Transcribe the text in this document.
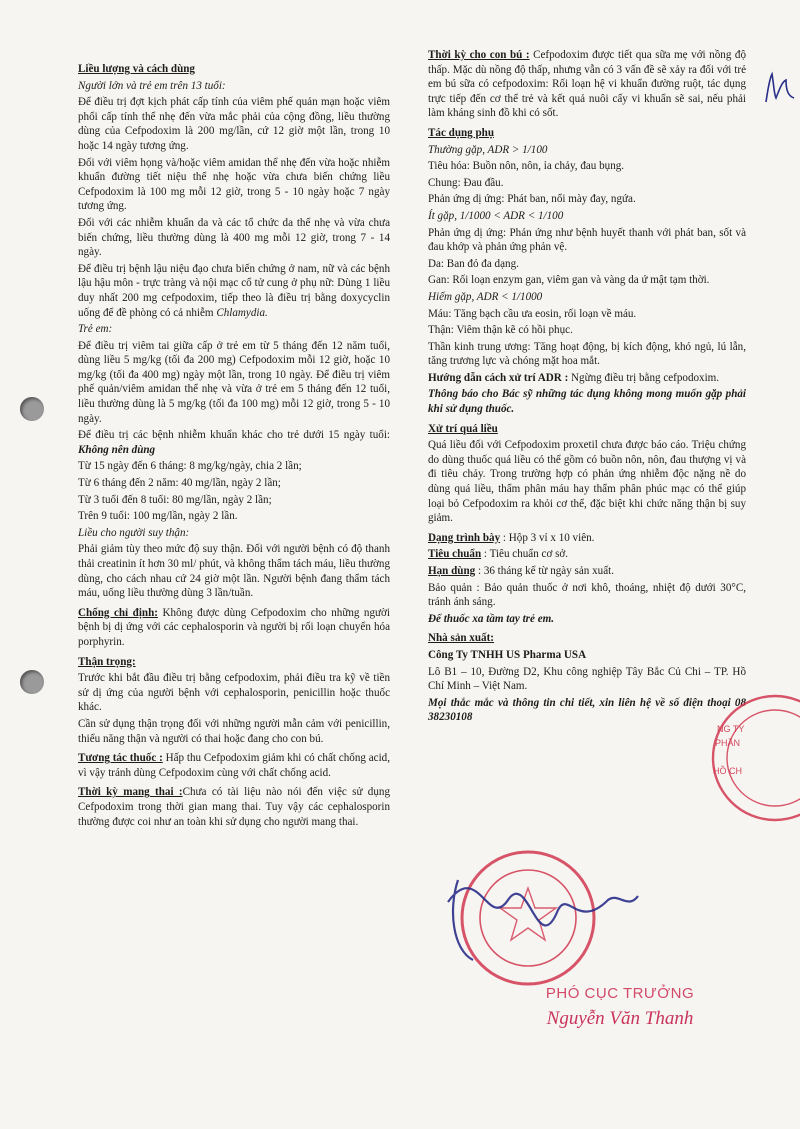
Liều lượng và cách dùng

Người lớn và trẻ em trên 13 tuổi:

Để điều trị đợt kịch phát cấp tính của viêm phế quản mạn hoặc viêm phổi cấp tính thể nhẹ đến vừa mắc phải của cộng đồng, liều thường dùng của Cefpodoxim là 200 mg/lần, cứ 12 giờ một lần, trong 10 hoặc 14 ngày tương ứng.

Đối với viêm họng và/hoặc viêm amidan thể nhẹ đến vừa hoặc nhiễm khuẩn đường tiết niệu thể nhẹ hoặc vừa chưa biến chứng liều Cefpodoxim là 100 mg mỗi 12 giờ, trong 5 - 10 ngày hoặc 7 ngày tương ứng.

Đối với các nhiễm khuẩn da và các tổ chức da thể nhẹ và vừa chưa biến chứng, liều thường dùng là 400 mg mỗi 12 giờ, trong 7 - 14 ngày.

Để điều trị bệnh lậu niệu đạo chưa biến chứng ở nam, nữ và các bệnh lậu hậu môn - trực tràng và nội mạc cổ tử cung ở phụ nữ: Dùng 1 liều duy nhất 200 mg cefpodoxim, tiếp theo là điều trị bằng doxycyclin uống để đề phòng có cả nhiễm Chlamydia.

Trẻ em:

Để điều trị viêm tai giữa cấp ở trẻ em từ 5 tháng đến 12 năm tuổi, dùng liều 5 mg/kg (tối đa 200 mg) Cefpodoxim mỗi 12 giờ, hoặc 10 mg/kg (tối đa 400 mg) ngày một lần, trong 10 ngày. Để điều trị viêm phế quản/viêm amidan thể nhẹ và vừa ở trẻ em 5 tháng đến 12 tuổi, liều thường dùng là 5 mg/kg (tối đa 100 mg) mỗi 12 giờ, trong 5 - 10 ngày.

Để điều trị các bệnh nhiễm khuẩn khác cho trẻ dưới 15 ngày tuổi: Không nên dùng

Từ 15 ngày đến 6 tháng: 8 mg/kg/ngày, chia 2 lần;

Từ 6 tháng đến 2 năm: 40 mg/lần, ngày 2 lần;

Từ 3 tuổi đến 8 tuổi: 80 mg/lần, ngày 2 lần;

Trên 9 tuổi: 100 mg/lần, ngày 2 lần.

Liều cho người suy thận:

Phải giảm tùy theo mức độ suy thận. Đối với người bệnh có độ thanh thải creatinin ít hơn 30 ml/ phút, và không thẩm tách máu, liều thường dùng, cho cách nhau cứ 24 giờ một lần. Người bệnh đang thẩm tách máu, uống liều thường dùng 3 lần/tuần.

Chống chỉ định: Không được dùng Cefpodoxim cho những người bệnh bị dị ứng với các cephalosporin và người bị rối loạn chuyển hóa porphyrin.

Thận trọng:

Trước khi bắt đầu điều trị bằng cefpodoxim, phải điều tra kỹ về tiền sử dị ứng của người bệnh với cephalosporin, penicillin hoặc thuốc khác.

Cần sử dụng thận trọng đối với những người mẫn cảm với penicillin, thiểu năng thận và người có thai hoặc đang cho con bú.

Tương tác thuốc : Hấp thu Cefpodoxim giảm khi có chất chống acid, vì vậy tránh dùng Cefpodoxim cùng với chất chống acid.

Thời kỳ mang thai :Chưa có tài liệu nào nói đến việc sử dụng Cefpodoxim trong thời gian mang thai. Tuy vậy các cephalosporin thường được coi như an toàn khi sử dụng cho người mang thai.

Thời kỳ cho con bú : Cefpodoxim được tiết qua sữa mẹ với nồng độ thấp. Mặc dù nồng độ thấp, nhưng vẫn có 3 vấn đề sẽ xảy ra đối với trẻ em bú sữa có cefpodoxim: Rối loạn hệ vi khuẩn đường ruột, tác dụng trực tiếp đến cơ thể trẻ và kết quả nuôi cấy vi khuẩn sẽ sai, nếu phải làm kháng sinh đồ khi có sốt.

Tác dụng phụ

Thường gặp, ADR > 1/100

Tiêu hóa: Buồn nôn, nôn, ỉa chảy, đau bụng.

Chung: Đau đầu.

Phản ứng dị ứng: Phát ban, nổi mày đay, ngứa.

Ít gặp, 1/1000 < ADR < 1/100

Phản ứng dị ứng: Phản ứng như bệnh huyết thanh với phát ban, sốt và đau khớp và phản ứng phản vệ.

Da: Ban đỏ đa dạng.

Gan: Rối loạn enzym gan, viêm gan và vàng da ứ mật tạm thời.

Hiếm gặp, ADR < 1/1000

Máu: Tăng bạch cầu ưa eosin, rối loạn về máu.

Thận: Viêm thận kẽ có hồi phục.

Thần kinh trung ương: Tăng hoạt động, bị kích động, khó ngủ, lú lẫn, tăng trương lực và chóng mặt hoa mắt.

Hướng dẫn cách xử trí ADR : Ngừng điều trị bằng cefpodoxim.

Thông báo cho Bác sỹ những tác dụng không mong muốn gặp phải khi sử dụng thuốc.

Xử trí quá liều

Quá liều đối với Cefpodoxim proxetil chưa được báo cáo. Triệu chứng do dùng thuốc quá liều có thể gồm có buồn nôn, nôn, đau thượng vị và đi tiêu chảy. Trong trường hợp có phản ứng nhiễm độc nặng nề do dùng quá liều, thẩm phân máu hay thẩm phân phúc mạc có thể giúp loại bỏ Cefpodoxim ra khỏi cơ thể, đặc biệt khi chức năng thận bị suy giảm.

Dạng trình bày : Hộp 3 vỉ x 10 viên.

Tiêu chuẩn : Tiêu chuẩn cơ sở.

Hạn dùng : 36 tháng kể từ ngày sản xuất.

Bảo quản : Bảo quản thuốc ở nơi khô, thoáng, nhiệt độ dưới 30°C, tránh ánh sáng.

Để thuốc xa tầm tay trẻ em.

Nhà sản xuất:

Công Ty TNHH US Pharma USA

Lô B1 – 10, Đường D2, Khu công nghiệp Tây Bắc Củ Chi – TP. Hồ Chí Minh – Việt Nam.

Mọi thắc mắc và thông tin chi tiết, xin liên hệ về số điện thoại 08 38230108

NG TY
PHẦN
HỒ CH
PHÓ CỤC TRƯỞNG
Nguyễn Văn Thanh
